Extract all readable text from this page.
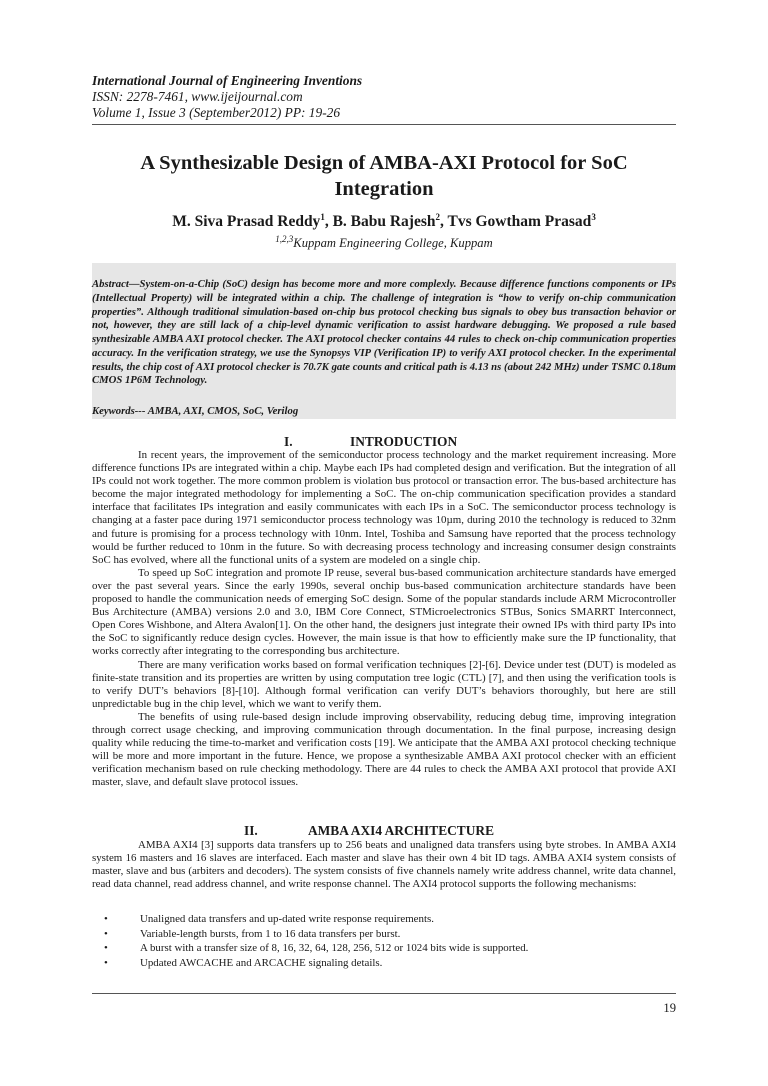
International Journal of Engineering Inventions
ISSN: 2278-7461, www.ijeijournal.com
Volume 1, Issue 3 (September2012) PP: 19-26
A Synthesizable Design of AMBA-AXI Protocol for SoC Integration
M. Siva Prasad Reddy$^1$, B. Babu Rajesh$^2$, Tvs Gowtham Prasad$^3$
$^{1,2,3}$Kuppam Engineering College, Kuppam
Abstract—System-on-a-Chip (SoC) design has become more and more complexly. Because difference functions components or IPs (Intellectual Property) will be integrated within a chip. The challenge of integration is “how to verify on-chip communication properties”. Although traditional simulation-based on-chip bus protocol checking bus signals to obey bus transaction behavior or not, however, they are still lack of a chip-level dynamic verification to assist hardware debugging. We proposed a rule based synthesizable AMBA AXI protocol checker. The AXI protocol checker contains 44 rules to check on-chip communication properties accuracy. In the verification strategy, we use the Synopsys VIP (Verification IP) to verify AXI protocol checker. In the experimental results, the chip cost of AXI protocol checker is 70.7K gate counts and critical path is 4.13 ns (about 242 MHz) under TSMC 0.18um CMOS 1P6M Technology.
Keywords--- AMBA, AXI, CMOS, SoC, Verilog
I.	INTRODUCTION

In recent years, the improvement of the semiconductor process technology and the market requirement increasing. More difference functions IPs are integrated within a chip. Maybe each IPs had completed design and verification. But the integration of all IPs could not work together. The more common problem is violation bus protocol or transaction error. The bus-based architecture has become the major integrated methodology for implementing a SoC. The on-chip communication specification provides a standard interface that facilitates IPs integration and easily communicates with each IPs in a SoC. The semiconductor process technology is changing at a faster pace during 1971 semiconductor process technology was 10µm, during 2010 the technology is reduced to 32nm and future is promising for a process technology with 10nm. Intel, Toshiba and Samsung have reported that the process technology would be further reduced to 10nm in the future. So with decreasing process technology and increasing consumer design constraints SoC has evolved, where all the functional units of a system are modeled on a single chip.

To speed up SoC integration and promote IP reuse, several bus-based communication architecture standards have emerged over the past several years. Since the early 1990s, several onchip bus-based communication architecture standards have been proposed to handle the communication needs of emerging SoC design. Some of the popular standards include ARM Microcontroller Bus Architecture (AMBA) versions 2.0 and 3.0, IBM Core Connect, STMicroelectronics STBus, Sonics SMARRT Interconnect, Open Cores Wishbone, and Altera Avalon[1]. On the other hand, the designers just integrate their owned IPs with third party IPs into the SoC to significantly reduce design cycles. However, the main issue is that how to efficiently make sure the IP functionality, that works correctly after integrating to the corresponding bus architecture.

There are many verification works based on formal verification techniques [2]-[6]. Device under test (DUT) is modeled as finite-state transition and its properties are written by using computation tree logic (CTL) [7], and then using the verification tools is to verify DUT’s behaviors [8]-[10]. Although formal verification can verify DUT’s behaviors thoroughly, but here are still unpredictable bug in the chip level, which we want to verify them.

The benefits of using rule-based design include improving observability, reducing debug time, improving integration through correct usage checking, and improving communication through documentation. In the final purpose, increasing design quality while reducing the time-to-market and verification costs [19]. We anticipate that the AMBA AXI protocol checking technique will be more and more important in the future. Hence, we propose a synthesizable AMBA AXI protocol checker with an efficient verification mechanism based on rule checking methodology. There are 44 rules to check the AMBA AXI protocol that provide AXI master, slave, and default slave protocol issues.

II.	AMBA AXI4 ARCHITECTURE

AMBA AXI4 [3] supports data transfers up to 256 beats and unaligned data transfers using byte strobes. In AMBA AXI4 system 16 masters and 16 slaves are interfaced. Each master and slave has their own 4 bit ID tags. AMBA AXI4 system consists of master, slave and bus (arbiters and decoders). The system consists of five channels namely write address channel, write data channel, read data channel, read address channel, and write response channel. The AXI4 protocol supports the following mechanisms:

•	Unaligned data transfers and up-dated write response requirements.
•	Variable-length bursts, from 1 to 16 data transfers per burst.
•	A burst with a transfer size of 8, 16, 32, 64, 128, 256, 512 or 1024 bits wide is supported.
•	Updated AWCACHE and ARCACHE signaling details.
19
